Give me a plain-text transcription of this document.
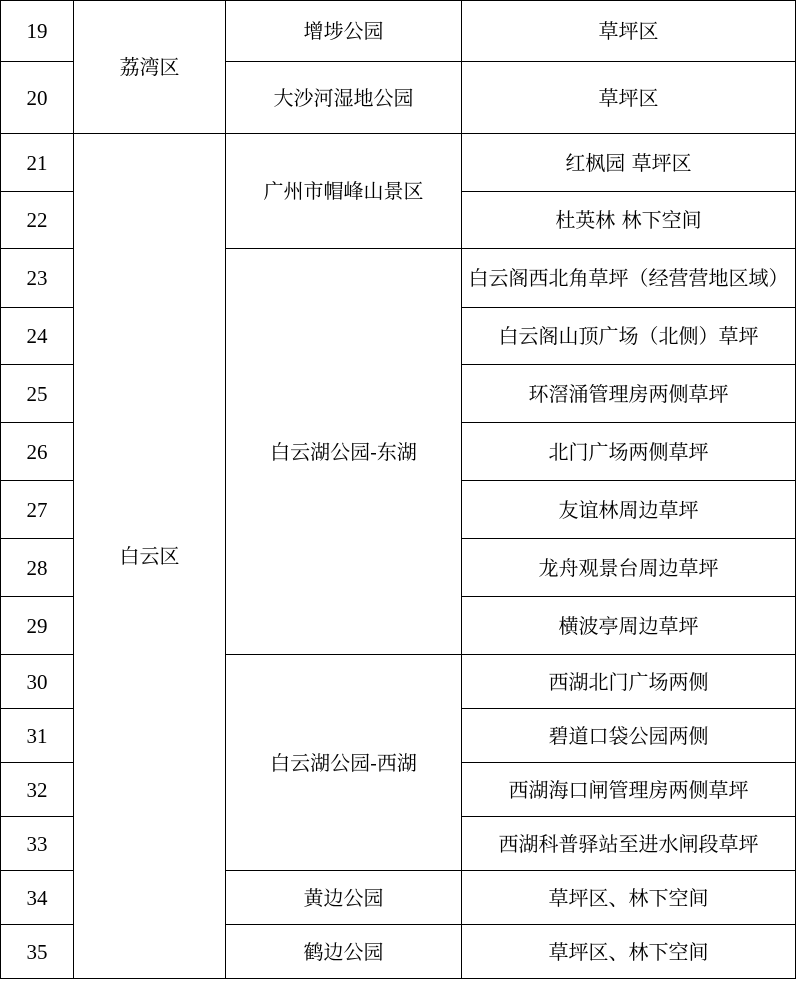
19	荔湾区	增埗公园	草坪区
20		大沙河湿地公园	草坪区
21	白云区	广州市帽峰山景区	红枫园 草坪区
22			杜英林 林下空间
23		白云湖公园-东湖	白云阁西北角草坪（经营营地区域）
24			白云阁山顶广场（北侧）草坪
25			环滘涌管理房两侧草坪
26			北门广场两侧草坪
27			友谊林周边草坪
28			龙舟观景台周边草坪
29			横波亭周边草坪
30		白云湖公园-西湖	西湖北门广场两侧
31			碧道口袋公园两侧
32			西湖海口闸管理房两侧草坪
33			西湖科普驿站至进水闸段草坪
34		黄边公园	草坪区、林下空间
35		鹤边公园	草坪区、林下空间
